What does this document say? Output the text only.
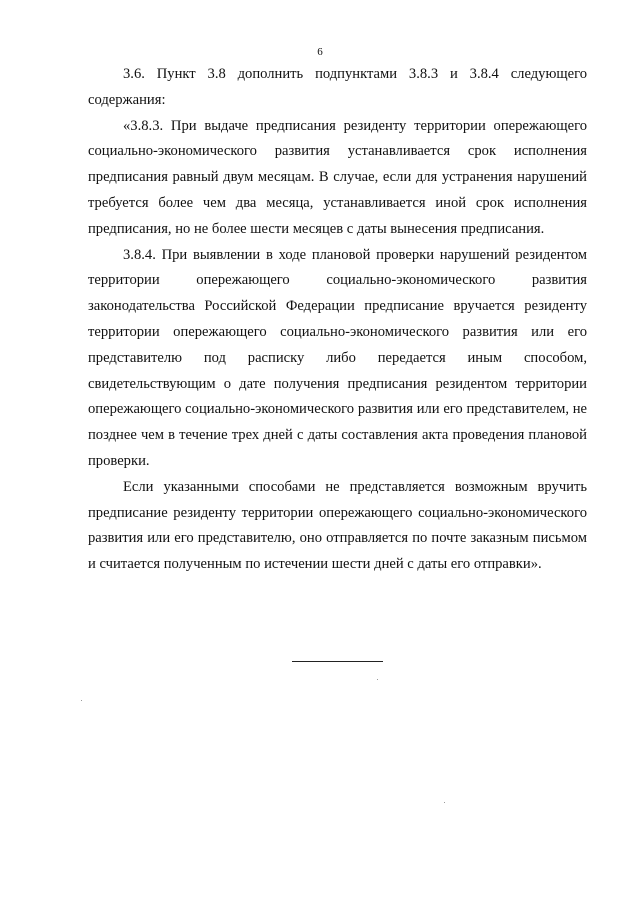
6

3.6. Пункт 3.8 дополнить подпунктами 3.8.3 и 3.8.4 следующего содержания:

«3.8.3. При выдаче предписания резиденту территории опережающего социально-экономического развития устанавливается срок исполнения предписания равный двум месяцам. В случае, если для устранения нарушений требуется более чем два месяца, устанавливается иной срок исполнения предписания, но не более шести месяцев с даты вынесения предписания.

3.8.4. При выявлении в ходе плановой проверки нарушений резидентом территории опережающего социально-экономического развития законодательства Российской Федерации предписание вручается резиденту территории опережающего социально-экономического развития или его представителю под расписку либо передается иным способом, свидетельствующим о дате получения предписания резидентом территории опережающего социально-экономического развития или его представителем, не позднее чем в течение трех дней с даты составления акта проведения плановой проверки.

Если указанными способами не представляется возможным вручить предписание резиденту территории опережающего социально-экономического развития или его представителю, оно отправляется по почте заказным письмом и считается полученным по истечении шести дней с даты его отправки».
